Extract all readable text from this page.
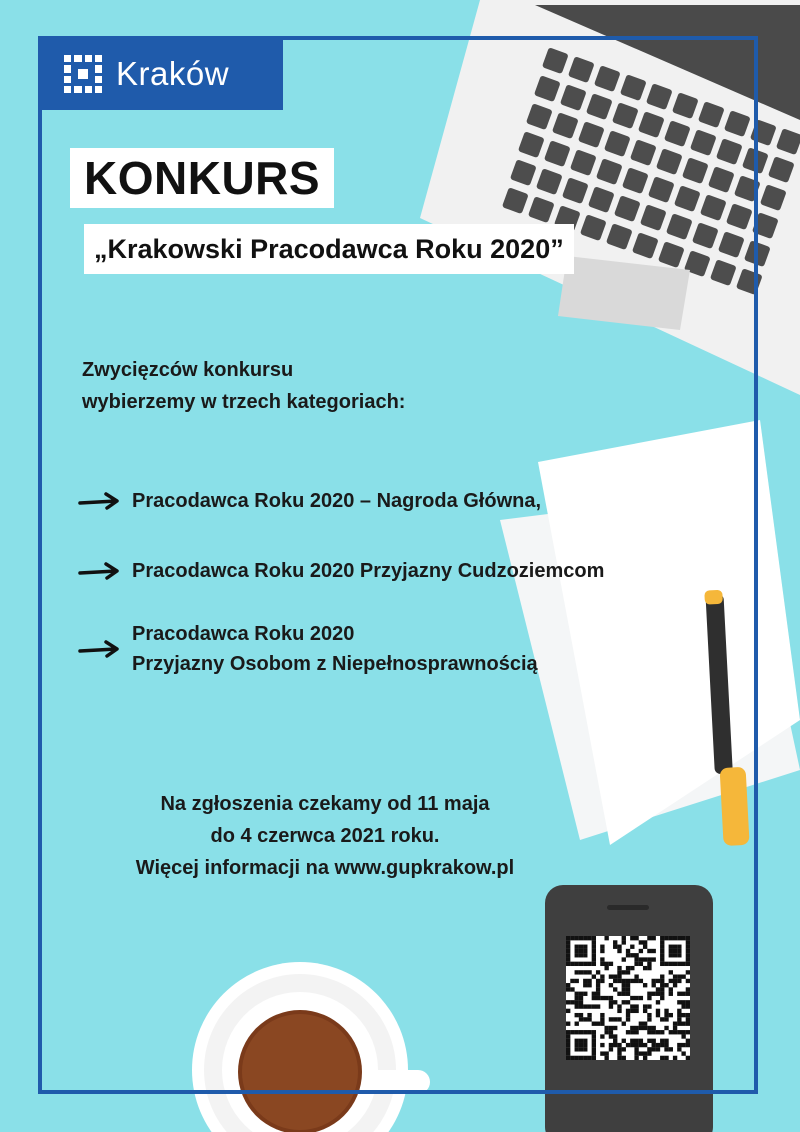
Kraków
KONKURS
„Krakowski Pracodawca Roku 2020”
Zwycięzców konkursu
wybierzemy w trzech kategoriach:
Pracodawca Roku 2020 – Nagroda Główna,
Pracodawca Roku 2020 Przyjazny Cudzoziemcom
Pracodawca Roku 2020
Przyjazny Osobom z Niepełnosprawnością
Na zgłoszenia czekamy od 11 maja
do 4 czerwca 2021 roku.
Więcej informacji na www.gupkrakow.pl
